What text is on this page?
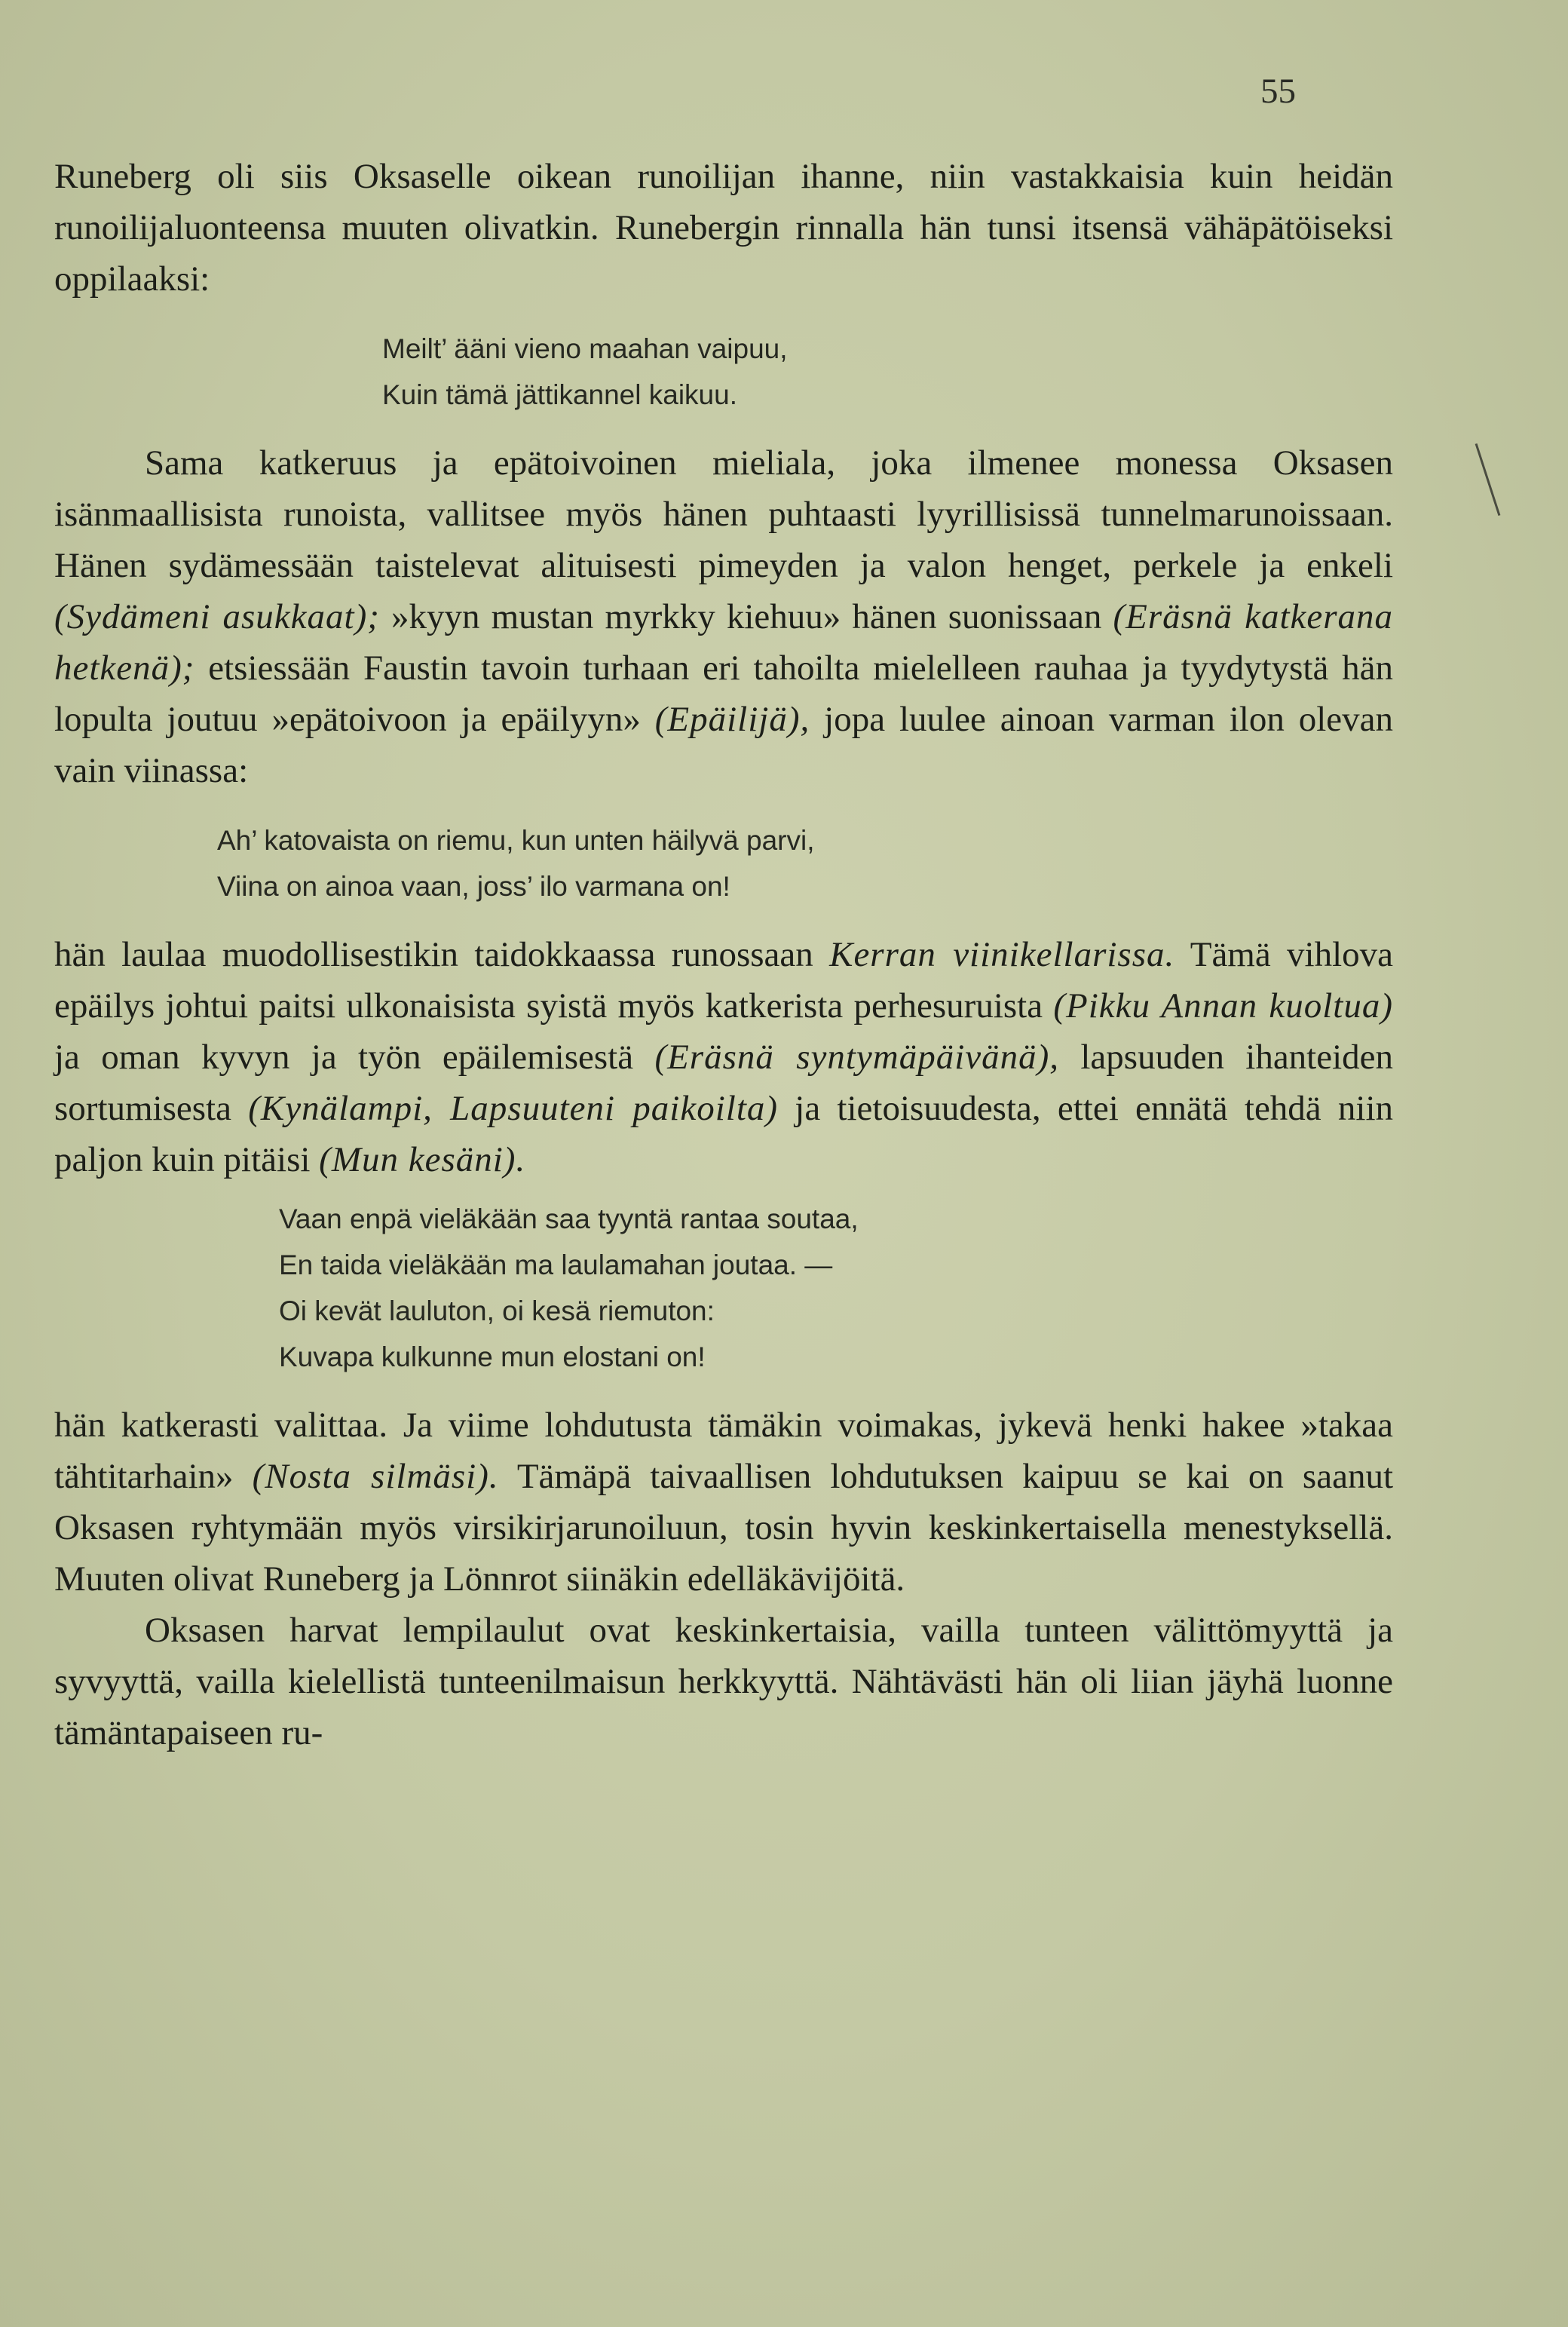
55

Runeberg oli siis Oksaselle oikean runoilijan ihanne, niin vastakkaisia kuin heidän runoilijaluonteensa muuten olivatkin. Runebergin rinnalla hän tunsi itsensä vähäpätöiseksi oppilaaksi:

Meilt’ ääni vieno maahan vaipuu,
Kuin tämä jättikannel kaikuu.

Sama katkeruus ja epätoivoinen mieliala, joka ilmenee monessa Oksasen isänmaallisista runoista, vallitsee myös hänen puhtaasti lyyrillisissä tunnelmarunoissaan. Hänen sydämessään taistelevat alituisesti pimeyden ja valon henget, perkele ja enkeli (Sydämeni asukkaat); »kyyn mustan myrkky kiehuu» hänen suonissaan (Eräsnä katkerana hetkenä); etsiessään Faustin tavoin turhaan eri tahoilta mielelleen rauhaa ja tyydytystä hän lopulta joutuu »epätoivoon ja epäilyyn» (Epäilijä), jopa luulee ainoan varman ilon olevan vain viinassa:

Ah’ katovaista on riemu, kun unten häilyvä parvi,
Viina on ainoa vaan, joss’ ilo varmana on!

hän laulaa muodollisestikin taidokkaassa runossaan Kerran viinikellarissa. Tämä vihlova epäilys johtui paitsi ulkonaisista syistä myös katkerista perhesuruista (Pikku Annan kuoltua) ja oman kyvyn ja työn epäilemisestä (Eräsnä syntymäpäivänä), lapsuuden ihanteiden sortumisesta (Kynälampi, Lapsuuteni paikoilta) ja tietoisuudesta, ettei ennätä tehdä niin paljon kuin pitäisi (Mun kesäni).

Vaan enpä vieläkään saa tyyntä rantaa soutaa,
En taida vieläkään ma laulamahan joutaa. —
Oi kevät lauluton, oi kesä riemuton:
Kuvapa kulkunne mun elostani on!

hän katkerasti valittaa. Ja viime lohdutusta tämäkin voimakas, jykevä henki hakee »takaa tähtitarhain» (Nosta silmäsi). Tämäpä taivaallisen lohdutuksen kaipuu se kai on saanut Oksasen ryhtymään myös virsikirjarunoiluun, tosin hyvin keskinkertaisella menestyksellä. Muuten olivat Runeberg ja Lönnrot siinäkin edelläkävijöitä.

Oksasen harvat lempilaulut ovat keskinkertaisia, vailla tunteen välittömyyttä ja syvyyttä, vailla kielellistä tunteenilmaisun herkkyyttä. Nähtävästi hän oli liian jäyhä luonne tämäntapaiseen ru-
